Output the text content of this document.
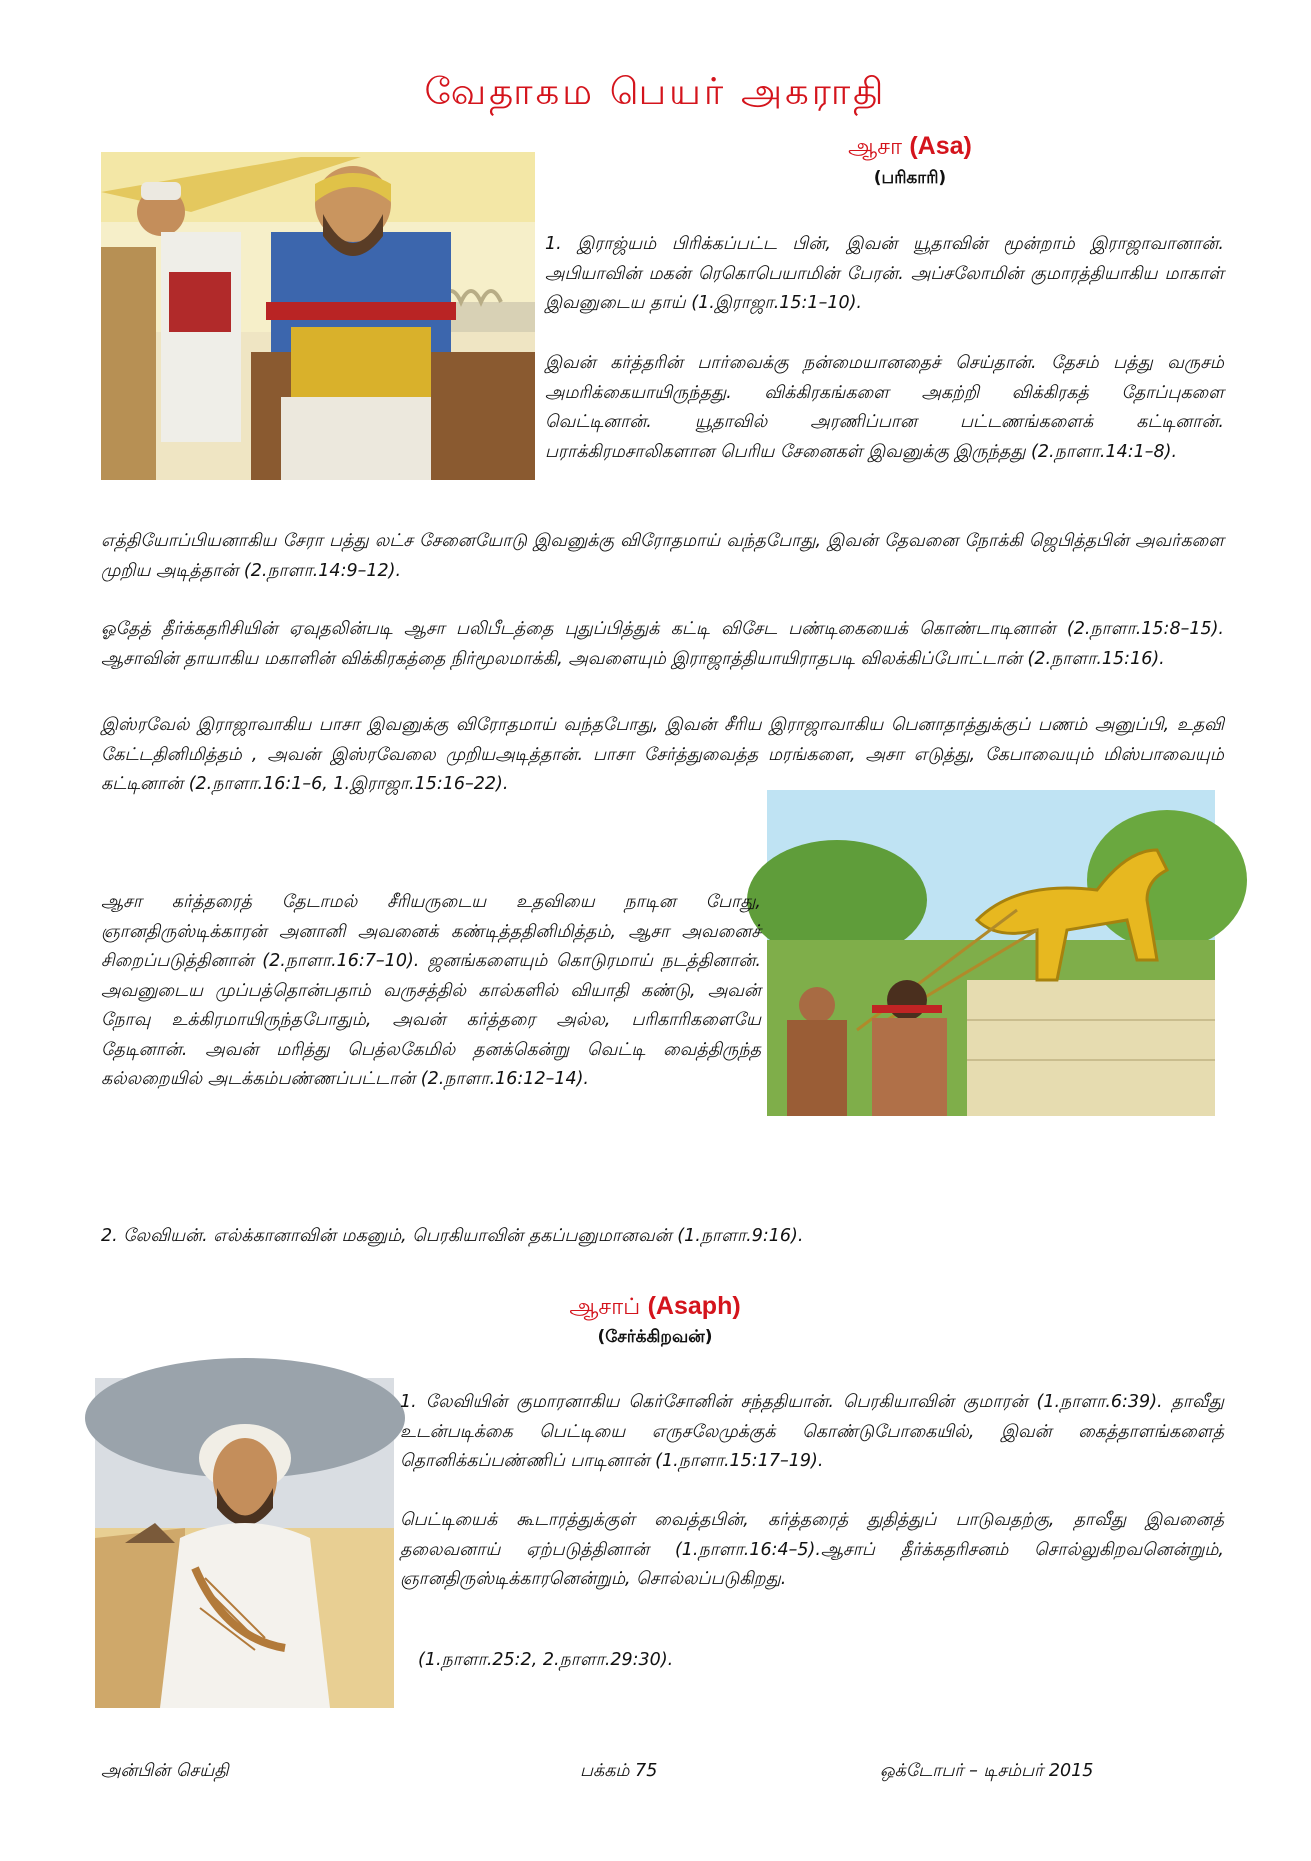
வேதாகம பெயர் அகராதி
ஆசா (Asa)
(பரிகாரி)
1. இராஜ்யம் பிரிக்கப்பட்ட பின், இவன் யூதாவின் மூன்றாம் இராஜாவானான். அபியாவின் மகன் ரெகொபெயாமின் பேரன். அப்சலோமின் குமாரத்தியாகிய மாகாள் இவனுடைய தாய் (1.இராஜா.15:1–10).
இவன் கர்த்தரின் பார்வைக்கு நன்மையானதைச் செய்தான். தேசம் பத்து வருசம் அமரிக்கையாயிருந்தது. விக்கிரகங்களை அகற்றி விக்கிரகத் தோப்புகளை வெட்டினான். யூதாவில் அரணிப்பான பட்டணங்களைக் கட்டினான். பராக்கிரமசாலிகளான பெரிய சேனைகள் இவனுக்கு இருந்தது (2.நாளா.14:1–8).
எத்தியோப்பியனாகிய சேரா பத்து லட்ச சேனையோடு இவனுக்கு விரோதமாய் வந்தபோது, இவன் தேவனை நோக்கி ஜெபித்தபின் அவர்களை முறிய அடித்தான் (2.நாளா.14:9–12).
ஓதேத் தீர்க்கதரிசியின் ஏவுதலின்படி ஆசா பலிபீடத்தை புதுப்பித்துக் கட்டி விசேட பண்டிகையைக் கொண்டாடினான் (2.நாளா.15:8–15). ஆசாவின் தாயாகிய மகாளின் விக்கிரகத்தை நிர்மூலமாக்கி, அவளையும் இராஜாத்தியாயிராதபடி விலக்கிப்போட்டான் (2.நாளா.15:16).
இஸ்ரவேல் இராஜாவாகிய பாசா இவனுக்கு விரோதமாய் வந்தபோது, இவன் சீரிய இராஜாவாகிய பெனாதாத்துக்குப் பணம் அனுப்பி, உதவி கேட்டதினிமித்தம் , அவன் இஸ்ரவேலை முறியஅடித்தான். பாசா சேர்த்துவைத்த மரங்களை, அசா எடுத்து, கேபாவையும் மிஸ்பாவையும் கட்டினான் (2.நாளா.16:1–6, 1.இராஜா.15:16–22).
ஆசா கர்த்தரைத் தேடாமல் சீரியருடைய உதவியை நாடின போது, ஞானதிருஸ்டிக்காரன் அனானி அவனைக் கண்டித்ததினிமித்தம், ஆசா அவனைச் சிறைப்படுத்தினான் (2.நாளா.16:7–10). ஜனங்களையும் கொடுரமாய் நடத்தினான். அவனுடைய முப்பத்தொன்பதாம் வருசத்தில் கால்களில் வியாதி கண்டு, அவன் நோவு உக்கிரமாயிருந்தபோதும், அவன் கர்த்தரை அல்ல, பரிகாரிகளையே தேடினான். அவன் மரித்து பெத்லகேமில் தனக்கென்று வெட்டி வைத்திருந்த கல்லறையில் அடக்கம்பண்ணப்பட்டான் (2.நாளா.16:12–14).
2. லேவியன். எல்க்கானாவின் மகனும், பெரகியாவின் தகப்பனுமானவன் (1.நாளா.9:16).
ஆசாப் (Asaph)
(சேர்க்கிறவன்)
1. லேவியின் குமாரனாகிய கெர்சோனின் சந்ததியான். பெரகியாவின் குமாரன் (1.நாளா.6:39). தாவீது உடன்படிக்கை பெட்டியை எருசலேமுக்குக் கொண்டுபோகையில், இவன் கைத்தாளங்களைத் தொனிக்கப்பண்ணிப் பாடினான் (1.நாளா.15:17–19).
பெட்டியைக் கூடாரத்துக்குள் வைத்தபின், கர்த்தரைத் துதித்துப் பாடுவதற்கு, தாவீது இவனைத் தலைவனாய் ஏற்படுத்தினான் (1.நாளா.16:4–5).ஆசாப் தீர்க்கதரிசனம் சொல்லுகிறவனென்றும், ஞானதிருஸ்டிக்காரனென்றும், சொல்லப்படுகிறது.
(1.நாளா.25:2, 2.நாளா.29:30).
அன்பின் செய்தி	பக்கம் 75	ஒக்டோபர் – டிசம்பர் 2015
